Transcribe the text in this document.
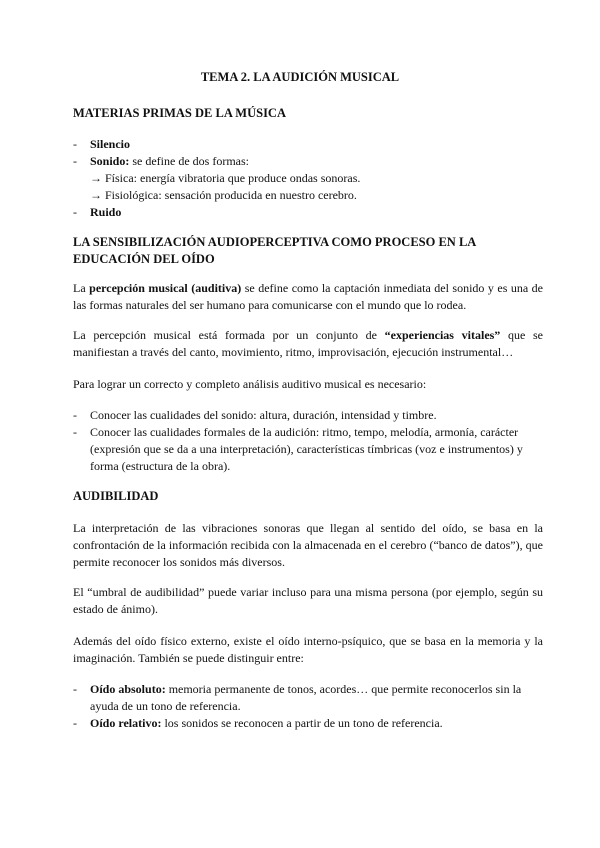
TEMA 2. LA AUDICIÓN MUSICAL
MATERIAS PRIMAS DE LA MÚSICA
- Silencio
- Sonido: se define de dos formas:
→ Física: energía vibratoria que produce ondas sonoras.
→ Fisiológica: sensación producida en nuestro cerebro.
- Ruido
LA SENSIBILIZACIÓN AUDIOPERCEPTIVA COMO PROCESO EN LA
EDUCACIÓN DEL OÍDO

La percepción musical (auditiva) se define como la captación inmediata del sonido y es una de las formas naturales del ser humano para comunicarse con el mundo que lo rodea.

La percepción musical está formada por un conjunto de “experiencias vitales” que se manifiestan a través del canto, movimiento, ritmo, improvisación, ejecución instrumental…

Para lograr un correcto y completo análisis auditivo musical es necesario:

- Conocer las cualidades del sonido: altura, duración, intensidad y timbre.
- Conocer las cualidades formales de la audición: ritmo, tempo, melodía, armonía, carácter (expresión que se da a una interpretación), características tímbricas (voz e instrumentos) y forma (estructura de la obra).
AUDIBILIDAD

La interpretación de las vibraciones sonoras que llegan al sentido del oído, se basa en la confrontación de la información recibida con la almacenada en el cerebro (“banco de datos”), que permite reconocer los sonidos más diversos.

El “umbral de audibilidad” puede variar incluso para una misma persona (por ejemplo, según su estado de ánimo).

Además del oído físico externo, existe el oído interno-psíquico, que se basa en la memoria y la imaginación. También se puede distinguir entre:

- Oído absoluto: memoria permanente de tonos, acordes… que permite reconocerlos sin la ayuda de un tono de referencia.
- Oído relativo: los sonidos se reconocen a partir de un tono de referencia.
